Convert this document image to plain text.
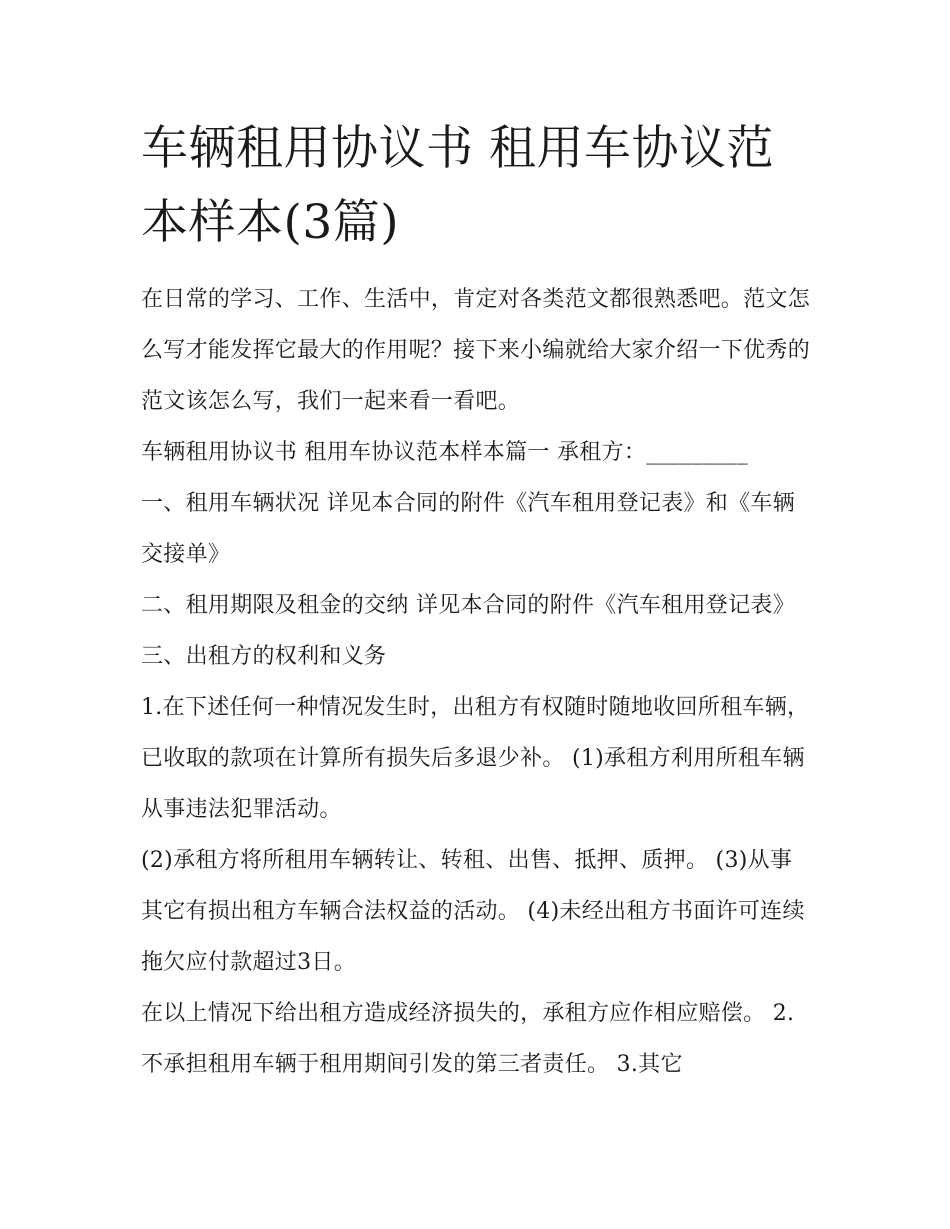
车辆租用协议书 租用车协议范本样本(3篇)

在日常的学习、工作、生活中，肯定对各类范文都很熟悉吧。范文怎么写才能发挥它最大的作用呢？接下来小编就给大家介绍一下优秀的范文该怎么写，我们一起来看一看吧。

车辆租用协议书 租用车协议范本样本篇一 承租方：_________

一、租用车辆状况 详见本合同的附件《汽车租用登记表》和《车辆交接单》

二、租用期限及租金的交纳 详见本合同的附件《汽车租用登记表》 三、出租方的权利和义务

1.在下述任何一种情况发生时，出租方有权随时随地收回所租车辆，已收取的款项在计算所有损失后多退少补。 (1)承租方利用所租车辆从事违法犯罪活动。

(2)承租方将所租用车辆转让、转租、出售、抵押、质押。 (3)从事其它有损出租方车辆合法权益的活动。 (4)未经出租方书面许可连续拖欠应付款超过3日。

在以上情况下给出租方造成经济损失的，承租方应作相应赔偿。 2.不承担租用车辆于租用期间引发的第三者责任。 3.其它
